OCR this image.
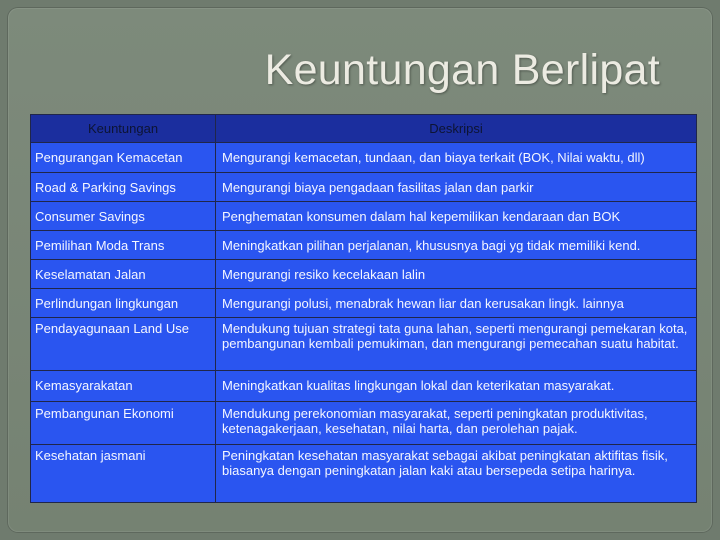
Keuntungan Berlipat
Keuntungan	Deskripsi
Pengurangan Kemacetan	Mengurangi kemacetan, tundaan, dan biaya terkait (BOK, Nilai waktu, dll)
Road & Parking Savings	Mengurangi biaya pengadaan fasilitas jalan dan parkir
Consumer Savings	Penghematan konsumen dalam hal kepemilikan kendaraan dan BOK
Pemilihan Moda Trans	Meningkatkan pilihan perjalanan, khususnya bagi yg tidak memiliki kend.
Keselamatan Jalan	Mengurangi resiko kecelakaan lalin
Perlindungan lingkungan	Mengurangi polusi, menabrak hewan liar dan kerusakan lingk. lainnya
Pendayagunaan Land Use	Mendukung tujuan strategi tata guna lahan, seperti mengurangi pemekaran kota, pembangunan kembali pemukiman, dan mengurangi pemecahan suatu habitat.
Kemasyarakatan	Meningkatkan kualitas lingkungan lokal dan keterikatan masyarakat.
Pembangunan Ekonomi	Mendukung perekonomian masyarakat, seperti peningkatan produktivitas, ketenagakerjaan, kesehatan, nilai harta, dan perolehan pajak.
Kesehatan jasmani	Peningkatan kesehatan masyarakat sebagai akibat peningkatan aktifitas fisik, biasanya dengan peningkatan jalan kaki atau bersepeda setipa harinya.
